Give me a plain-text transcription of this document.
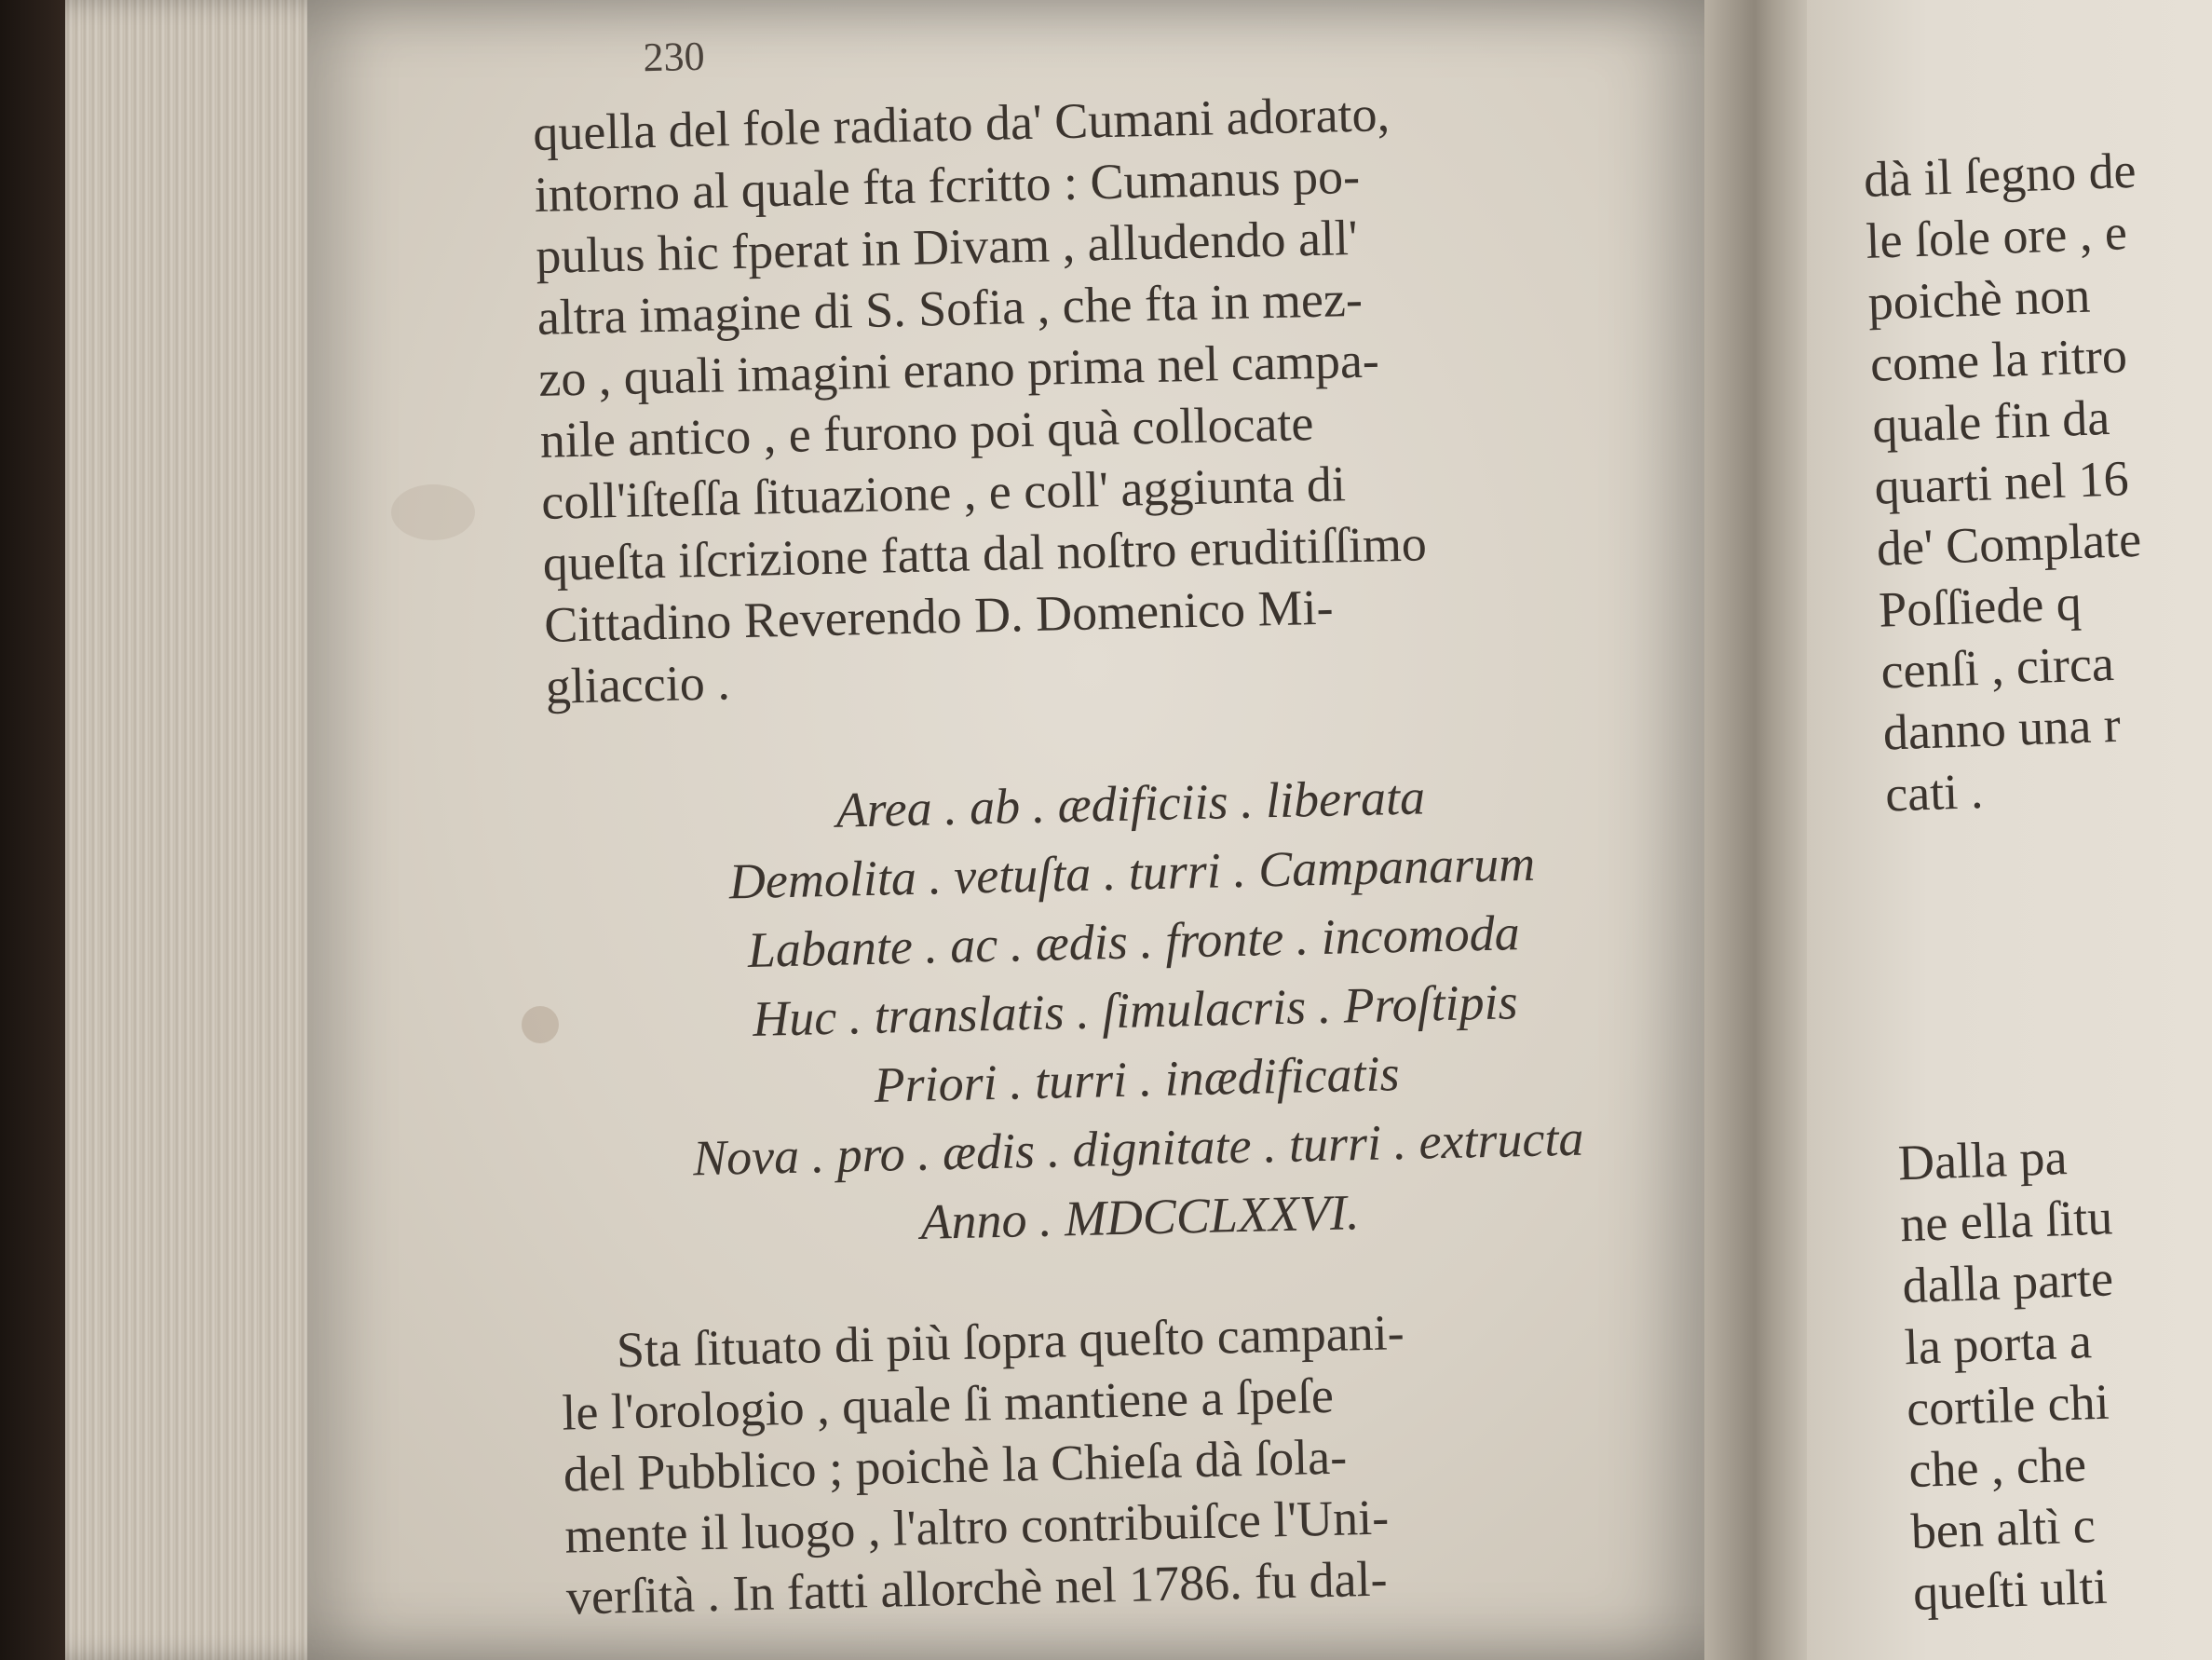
dà il ſegno de
le ſole ore , e
poichè non
come la ritro
quale fin da
quarti nel 16
de' Complate
Poſſiede q
cenſi , circa
danno una r
cati .
Dalla pa
ne ella ſitu
dalla parte
la porta a
cortile chi
che , che
ben altì c
queſti ulti
230
quella del fole radiato da' Cumani adorato,
intorno al quale fta fcritto : Cumanus po-
pulus hic fperat in Divam , alludendo all'
altra imagine di S. Sofia , che fta in mez-
zo , quali imagini erano prima nel campa-
nile antico , e furono poi quà collocate
coll'iſteſſa ſituazione , e coll' aggiunta di
queſta iſcrizione fatta dal noſtro eruditiſſimo
Cittadino Reverendo D. Domenico Mi-
gliaccio .
Area . ab . ædificiis . liberata
Demolita . vetuſta . turri . Campanarum
Labante . ac . ædis . fronte . incomoda
Huc . translatis . ſimulacris . Proſtipis
Priori . turri . inædificatis
Nova . pro . ædis . dignitate . turri . extructa
Anno . MDCCLXXVI.
Sta ſituato di più ſopra queſto campani-
le l'orologio , quale ſi mantiene a ſpeſe
del Pubblico ; poichè la Chieſa dà ſola-
mente il luogo , l'altro contribuiſce l'Uni-
verſità . In fatti allorchè nel 1786. fu dal-
